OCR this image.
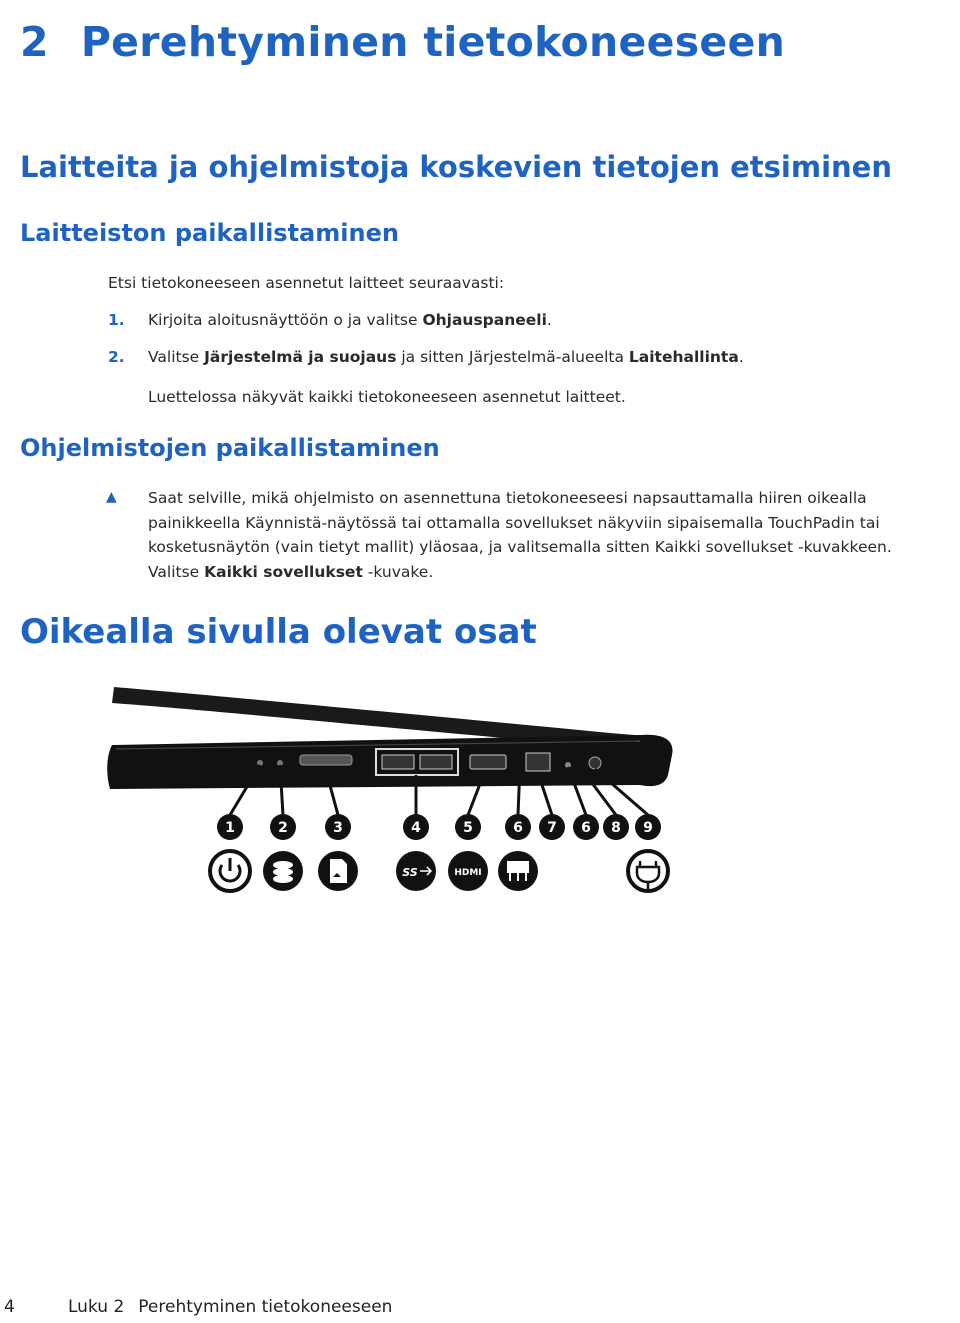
2 Perehtyminen tietokoneeseen
Laitteita ja ohjelmistoja koskevien tietojen etsiminen
Laitteiston paikallistaminen
Etsi tietokoneeseen asennetut laitteet seuraavasti:
1. Kirjoita aloitusnäyttöön o ja valitse Ohjauspaneeli.
2. Valitse Järjestelmä ja suojaus ja sitten Järjestelmä-alueelta Laitehallinta.
Luettelossa näkyvät kaikki tietokoneeseen asennetut laitteet.
Ohjelmistojen paikallistaminen
▲ Saat selville, mikä ohjelmisto on asennettuna tietokoneeseesi napsauttamalla hiiren oikealla painikkeella Käynnistä-näytössä tai ottamalla sovellukset näkyviin sipaisemalla TouchPadin tai kosketusnäytön (vain tietyt mallit) yläosaa, ja valitsemalla sitten Kaikki sovellukset -kuvakkeen. Valitse Kaikki sovellukset -kuvake.
Oikealla sivulla olevat osat
1	2	3	4	5	6 7 6 8 9
SS	HDMI
4	Luku 2 Perehtyminen tietokoneeseen
